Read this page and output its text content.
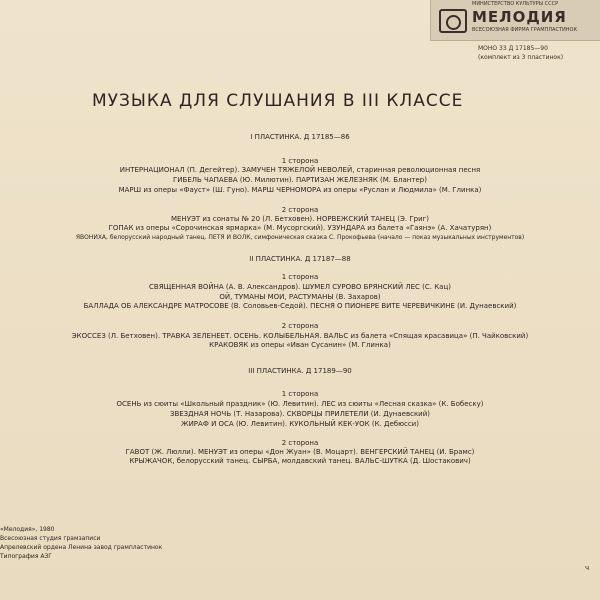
МИНИСТЕРСТВО КУЛЬТУРЫ СССР
МЕЛОДИЯ
ВСЕСОЮЗНАЯ ФИРМА ГРАМПЛАСТИНОК
МОНО 33 Д 17185—90
(комплект из 3 пластинок)
МУЗЫКА ДЛЯ СЛУШАНИЯ В III КЛАССЕ
I ПЛАСТИНКА. Д 17185—86
1 сторона
ИНТЕРНАЦИОНАЛ (П. Дегейтер). ЗАМУЧЕН ТЯЖЕЛОЙ НЕВОЛЕЙ, старинная революционная песня
ГИБЕЛЬ ЧАПАЕВА (Ю. Милютин). ПАРТИЗАН ЖЕЛЕЗНЯК (М. Блантер)
МАРШ из оперы «Фауст» (Ш. Гуно). МАРШ ЧЕРНОМОРА из оперы «Руслан и Людмила» (М. Глинка)
2 сторона
МЕНУЭТ из сонаты № 20 (Л. Бетховен). НОРВЕЖСКИЙ ТАНЕЦ (Э. Григ)
ГОПАК из оперы «Сорочинская ярмарка» (М. Мусоргский). УЗУНДАРА из балета «Гаянэ» (А. Хачатурян)
ЯВОНИХА, белорусский народный танец. ПЕТЯ И ВОЛК, симфоническая сказка С. Прокофьева (начало — показ музыкальных инструментов)
II ПЛАСТИНКА. Д 17187—88
1 сторона
СВЯЩЕННАЯ ВОЙНА (А. В. Александров). ШУМЕЛ СУРОВО БРЯНСКИЙ ЛЕС (С. Кац)
ОЙ, ТУМАНЫ МОИ, РАСТУМАНЫ (В. Захаров)
БАЛЛАДА ОБ АЛЕКСАНДРЕ МАТРОСОВЕ (В. Соловьев-Седой). ПЕСНЯ О ПИОНЕРЕ ВИТЕ ЧЕРЕВИЧКИНЕ (И. Дунаевский)
2 сторона
ЭКОССЕЗ (Л. Бетховен). ТРАВКА ЗЕЛЕНЕЕТ. ОСЕНЬ. КОЛЫБЕЛЬНАЯ. ВАЛЬС из балета «Спящая красавица» (П. Чайковский)
КРАКОВЯК из оперы «Иван Сусанин» (М. Глинка)
III ПЛАСТИНКА. Д 17189—90
1 сторона
ОСЕНЬ из сюиты «Школьный праздник» (Ю. Левитин). ЛЕС из сюиты «Лесная сказка» (К. Бобеску)
ЗВЕЗДНАЯ НОЧЬ (Т. Назарова). СКВОРЦЫ ПРИЛЕТЕЛИ (И. Дунаевский)
ЖИРАФ И ОСА (Ю. Левитин). КУКОЛЬНЫЙ КЕК-УОК (К. Дебюсси)
2 сторона
ГАВОТ (Ж. Люлли). МЕНУЭТ из оперы «Дон Жуан» (В. Моцарт). ВЕНГЕРСКИЙ ТАНЕЦ (И. Брамс)
КРЫЖАЧОК, белорусский танец. СЫРБА, молдавский танец. ВАЛЬС-ШУТКА (Д. Шостакович)
«Мелодия», 1980
Всесоюзная студия грамзаписи
Апрелевский ордена Ленина завод грампластинок
Типография АЗГ
ч
